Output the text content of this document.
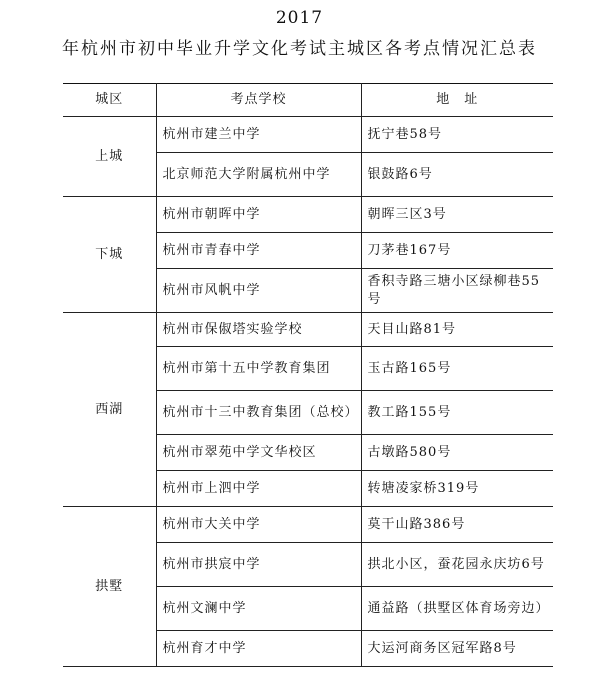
2017
年杭州市初中毕业升学文化考试主城区各考点情况汇总表
城区	考点学校	地　址
上城	杭州市建兰中学	抚宁巷58号
	北京师范大学附属杭州中学	银鼓路6号
下城	杭州市朝晖中学	朝晖三区3号
	杭州市青春中学	刀茅巷167号
	杭州市风帆中学	香积寺路三塘小区绿柳巷55号
西湖	杭州市保俶塔实验学校	天目山路81号
	杭州市第十五中学教育集团	玉古路165号
	杭州市十三中教育集团（总校）	教工路155号
	杭州市翠苑中学文华校区	古墩路580号
	杭州市上泗中学	转塘凌家桥319号
拱墅	杭州市大关中学	莫干山路386号
	杭州市拱宸中学	拱北小区，蚕花园永庆坊6号
	杭州文澜中学	通益路（拱墅区体育场旁边）
	杭州育才中学	大运河商务区冠军路8号
